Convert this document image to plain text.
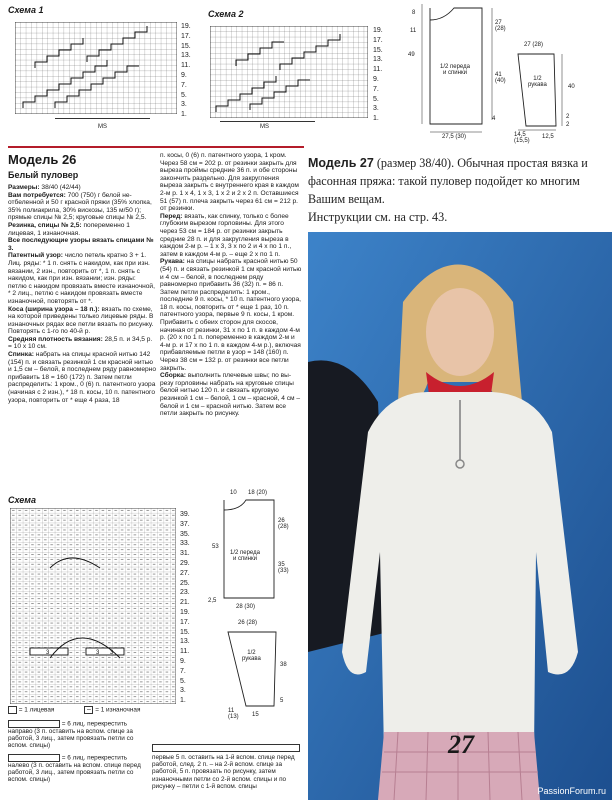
Схема 1
19.
17.
15.
13.
11.
9.
7.
5.
3.
1.
MS
Схема 2
19.
17.
15.
13.
11.
9.
7.
5.
3.
1.
MS
8
11
49
27
(28)
41
(40)
4
27,5 (30)
1/2 переда
и спинки
27 (28)
1/2
рукава	40
14,5
(15,5)
12,5
2
2
Модель 26
Белый пуловер

Размеры: 38/40 (42/44)

Вам потребуется: 700 (750) г белой неотбеленной и 50 г красной пряжи (35% хлопка, 35% полиакрила, 30% вискозы, 135 м/50 г); прямые спицы № 2,5; круговые спицы № 2,5.

Резинка, спицы № 2,5: попеременно 1 лицевая, 1 изнаночная.

Все последующие узоры вязать спицами № 3.

Патентный узор: число петель кратно 3 + 1. Лиц. ряды: * 1 п. снять с накидом, как при изн. вязании, 2 изн., повторить от *, 1 п. снять с накидом, как при изн. вязании; изн. ряды: петлю с накидом провязать вместе изнаночной, * 2 лиц., петлю с накидом провязать вместе изнаночной, повторять от *.

Коса (ширина узора – 18 п.): вязать по схеме, на которой приведены только лицевые ряды. В изнаночных рядах все петли вязать по рисунку. Повторять с 1-го по 40-й р.

Средняя плотность вязания: 28,5 п. и 34,5 р. = 10 х 10 см.

Спинка: набрать на спицы красной нитью 142 (154) п. и связать резинкой 1 см красной нитью и 1,5 см – белой, в последнем ряду равномерно прибавить 18 = 160 (172) п. Затем петли распределить: 1 кром., 0 (6) п. патентного узора (начиная с 2 изн.), * 18 п. косы, 10 п. патентного узора, повторить от * еще 4 раза, 18

п. косы, 0 (6) п. патентного узора, 1 кром. Через 58 см = 202 р. от резинки закрыть для выреза проймы средние 36 п. и обе стороны закончить раздельно. Для закругления выреза закрыть с внутреннего края в каждом 2-м р. 1 х 4, 1 х 3, 1 х 2 и 2 х 2 п. Оставшиеся 51 (57) п. плеча закрыть через 61 см = 212 р. от резинки.

Перед: вязать, как спинку, только с более глубоким вырезом горловины. Для этого через 53 см = 184 р. от резинки закрыть средние 28 п. и для закругления выреза в каждом 2-м р. – 1 х 3, 3 х по 2 и 4 х по 1 п., затем в каждом 4-м р. – еще 2 х по 1 п.

Рукава: на спицы набрать красной нитью 50 (54) п. и связать резинкой 1 см красной нитью и 4 см – белой, в последнем ряду равномерно прибавить 36 (32) п. = 86 п. Затем петли распределить: 1 кром., последние 9 п. косы, * 10 п. патентного узора, 18 п. косы, повторить от * еще 1 раз, 10 п. патентного узора, первые 9 п. косы, 1 кром. Прибавить с обеих сторон для скосов, начиная от резинки, 31 х по 1 п. в каждом 4-м р. (20 х по 1 п. попеременно в каждом 2-м и 4-м р. и 17 х по 1 п. в каждом 4-м р.), включая прибавляемые петли в узор = 148 (160) п. Через 38 см = 132 р. от резинки все петли закрыть.

Сборка: выполнить плечевые швы; по вырезу горловины набрать на круговые спицы белой нитью 120 п. и связать круговую резинкой 1 см – белой, 1 см – красной, 4 см – белой и 1 см – красной нитью. Затем все петли закрыть по рисунку.

Схема
3	3 3
39.
37.
35.
33.
31.
29.
27.
25.
23.
21.
19.
17.
15.
13.
11.
9.
7.
5.
3.
1.
= 1 лицевая	– = 1 изнаночная
= 6 лиц. перекрестить направо (3 п. оставить на вспом. спице за работой, 3 лиц., затем провязать петли со вспом. спицы)
= 6 лиц. перекрестить налево (3 п. оставить на вспом. спице перед работой, 3 лиц., затем провязать петли со вспом. спицы)
первые 5 п. оставить на 1-й вспом. спице перед работой, след. 2 п. – на 2-й вспом. спице за работой, 5 п. провязать по рисунку, затем изнаночными петли со 2-й вспом. спицы и по рисунку – петли с 1-й вспом. спицы
10 18 (20)
26
(28)
53
35
(33)
2,5
28 (30)
1/2 переда
и спинки
26 (28)
1/2
рукава
38
5
11
(13) 15
Модель 27 (размер 38/40). Обычная простая вязка и фасонная пряжа: такой пуловер подойдет ко многим Вашим вещам.
Инструкции см. на стр. 43.
27
PassionForum.ru
